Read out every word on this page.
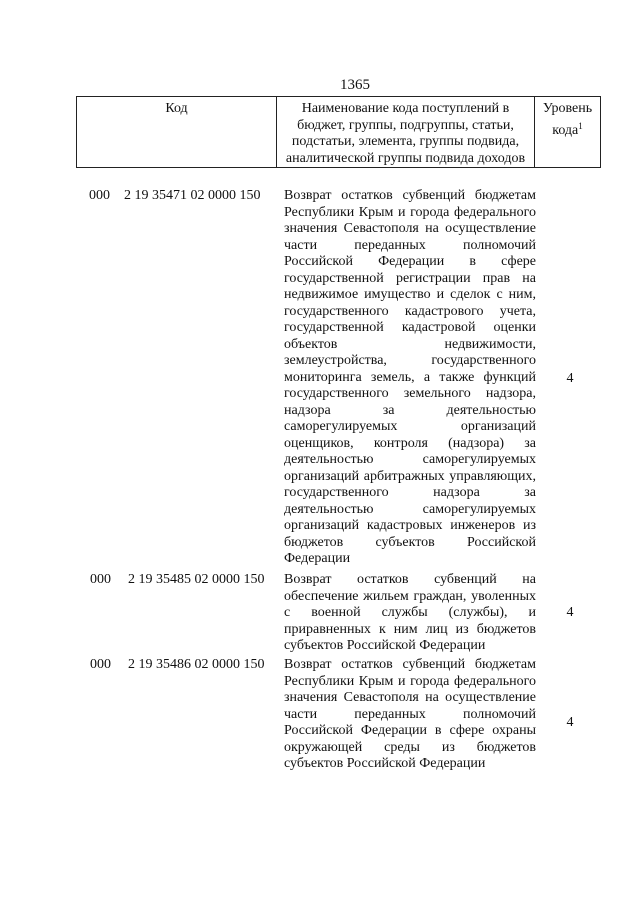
1365
Код	Наименование кода поступлений в бюджет, группы, подгруппы, статьи, подстатьи, элемента, группы подвида, аналитической группы подвида доходов
Уровень кода$^1$
000 2 19 35471 02 0000 150 Возврат остатков субвенций бюджетам Республики Крым и города федерального значения Севастополя на осуществление части переданных полномочий Российской Федерации в сфере государственной регистрации прав на недвижимое имущество и сделок с ним, государственного кадастрового учета, государственной кадастровой оценки объектов недвижимости, землеустройства, государственного мониторинга земель, а также функций государственного земельного надзора, надзора за деятельностью саморегулируемых организаций оценщиков, контроля (надзора) за деятельностью саморегулируемых организаций арбитражных управляющих, государственного надзора за деятельностью саморегулируемых организаций кадастровых инженеров из бюджетов субъектов Российской Федерации
4
000 2 19 35485 02 0000 150 Возврат остатков субвенций на обеспечение жильем граждан, уволенных с военной службы (службы), и приравненных к ним лиц из бюджетов субъектов Российской Федерации
4
000 2 19 35486 02 0000 150 Возврат остатков субвенций бюджетам Республики Крым и города федерального значения Севастополя на осуществление части переданных полномочий Российской Федерации в сфере охраны окружающей среды из бюджетов субъектов Российской Федерации
4
